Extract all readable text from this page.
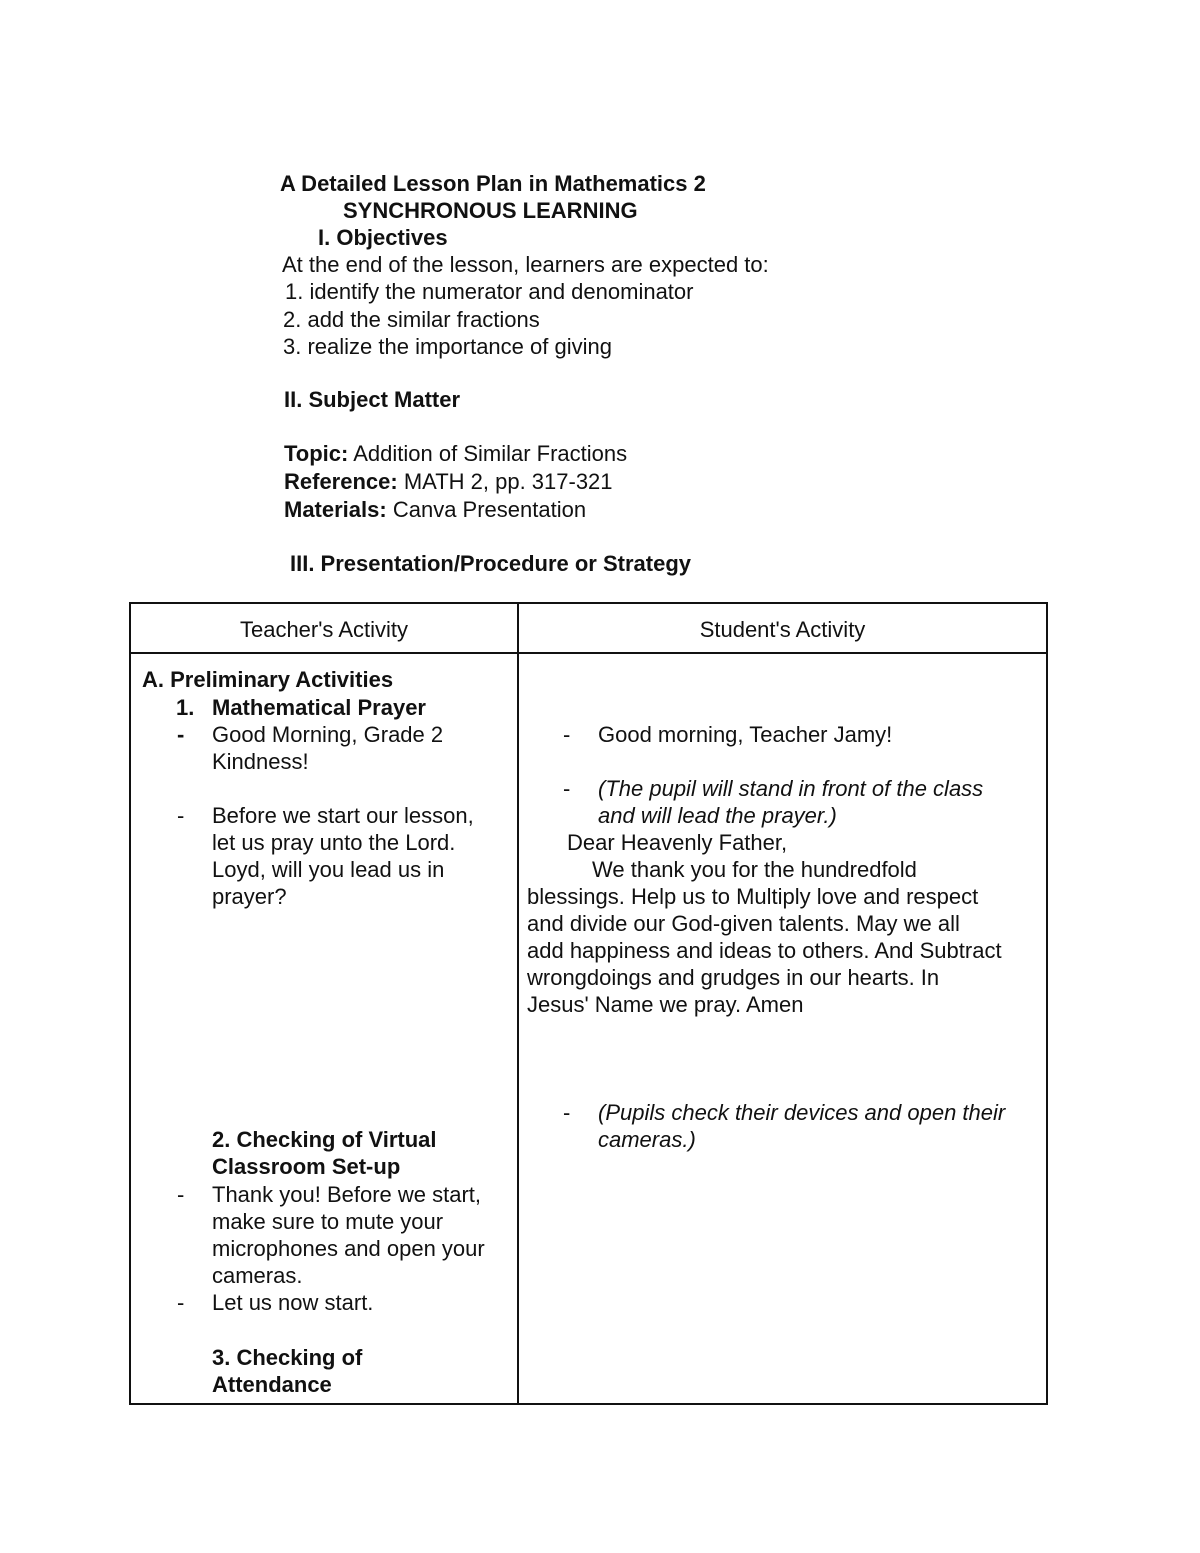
A Detailed Lesson Plan in Mathematics 2
SYNCHRONOUS LEARNING
I. Objectives
At the end of the lesson, learners are expected to:
1. identify the numerator and denominator
2. add the similar fractions
3. realize the importance of giving
II. Subject Matter
Topic: Addition of Similar Fractions
Reference: MATH 2, pp. 317-321
Materials: Canva Presentation
III. Presentation/Procedure or Strategy
Teacher's Activity	Student's Activity
A. Preliminary Activities
1. Mathematical Prayer
- Good Morning, Grade 2
Kindness!
- Before we start our lesson,
let us pray unto the Lord.
Loyd, will you lead us in
prayer?
2. Checking of Virtual
Classroom Set-up
- Thank you! Before we start,
make sure to mute your
microphones and open your
cameras.
- Let us now start.
3. Checking of
Attendance
- Good morning, Teacher Jamy!
- (The pupil will stand in front of the class
and will lead the prayer.)
Dear Heavenly Father,
We thank you for the hundredfold
blessings. Help us to Multiply love and respect
and divide our God-given talents. May we all
add happiness and ideas to others. And Subtract
wrongdoings and grudges in our hearts. In
Jesus' Name we pray. Amen
- (Pupils check their devices and open their
cameras.)
